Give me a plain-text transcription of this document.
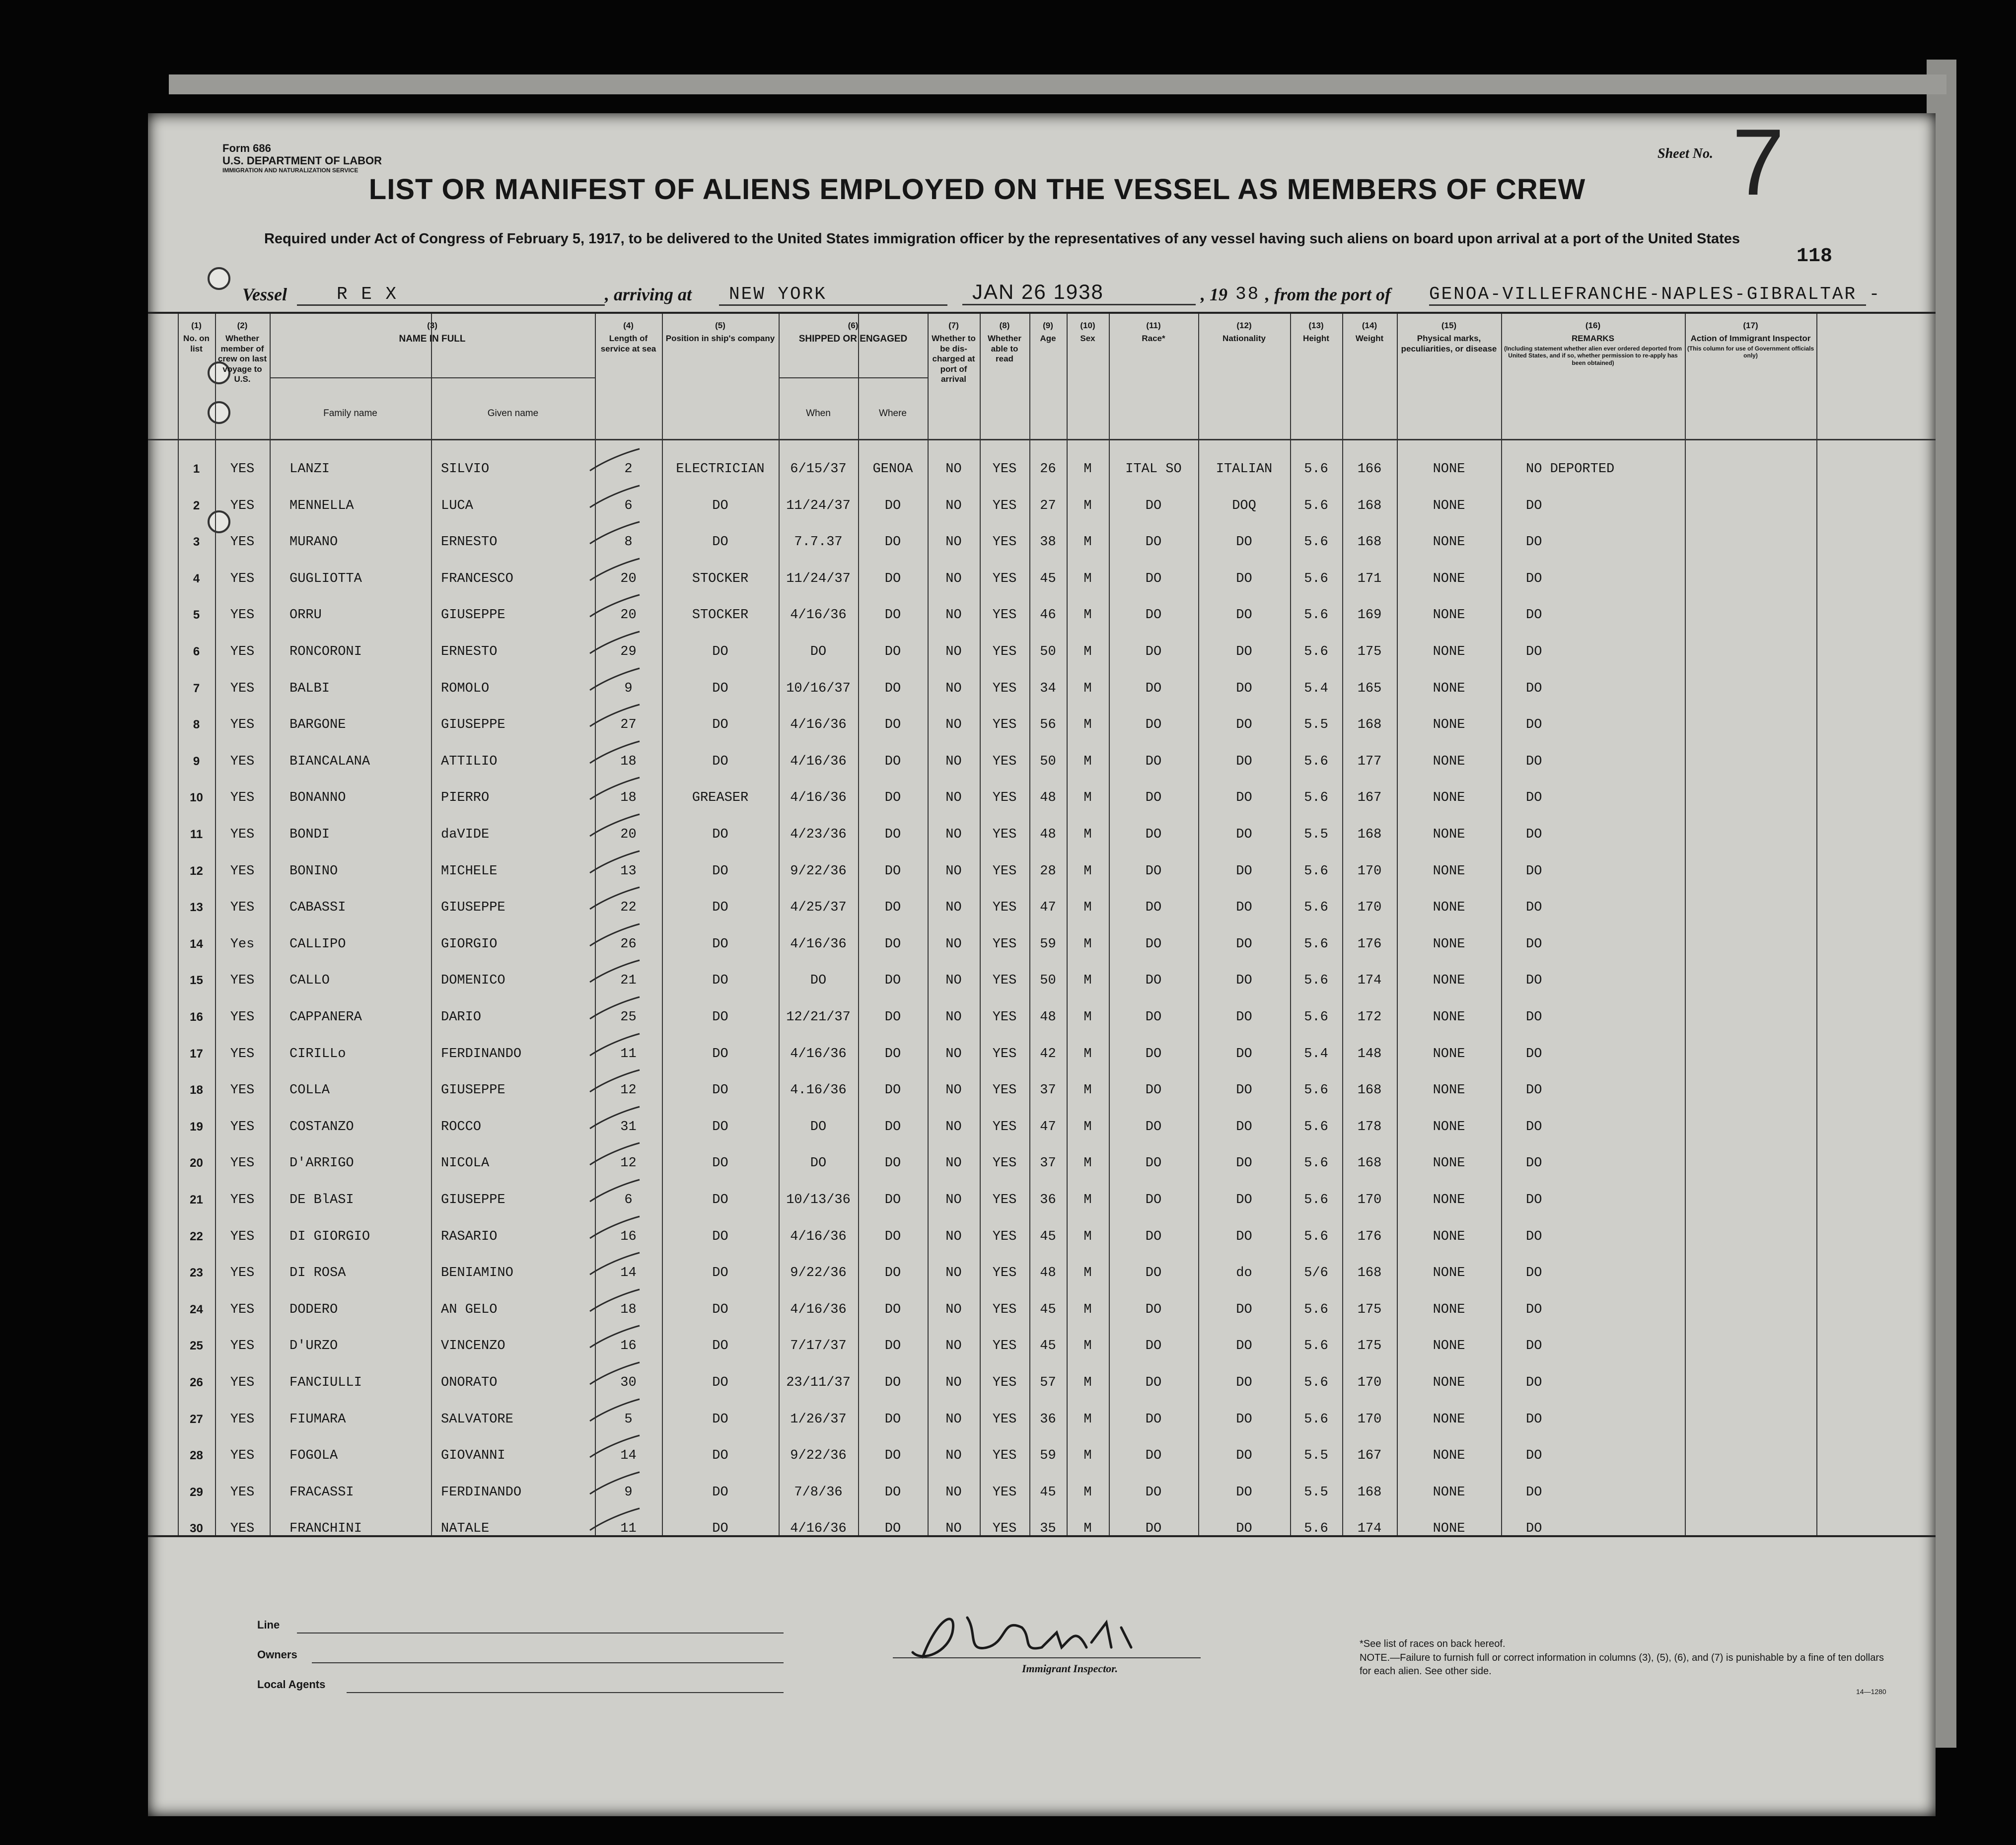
Form 686
U.S. DEPARTMENT OF LABOR
IMMIGRATION AND NATURALIZATION SERVICE
Sheet No. 7
LIST OR MANIFEST OF ALIENS EMPLOYED ON THE VESSEL AS MEMBERS OF CREW
Required under Act of Congress of February 5, 1917, to be delivered to the United States immigration officer by the representatives of any vessel having such aliens on board upon arrival at a port of the United States
118
Vessel	R E X	, arriving at	NEW YORK	JAN 26 1938	, 19 38 , from the port of GENOA-VILLEFRANCHE-NAPLES-GIBRALTAR -
(1)
No. on list
(2)
Whether member of crew on last voyage to U.S.
(3)
NAME IN FULL
Family name	Given name
(4)
Length of service at sea
(5)
Position in ship's company
(6)
SHIPPED OR ENGAGED
When	Where
(7)
Whether to be dis-charged at port of arrival
(8)
Whether able to read
(9)
Age
(10)
Sex
(11)
Race*
(12)
Nationality
(13)
Height
(14)
Weight
(15)
Physical marks, peculiarities, or disease
(16)
REMARKS
(Including statement whether alien ever ordered deported from United States, and if so, whether permission to re-apply has been obtained)
(17)
Action of Immigrant Inspector
(This column for use of Government officials only)
1	YES	LANZI	SILVIO	2	ELECTRICIAN	6/15/37	GENOA	NO	YES	26	M	ITAL SO	ITALIAN	5.6	166	NONE	NO DEPORTED
2	YES	MENNELLA	LUCA	6	DO	11/24/37	DO	NO	YES	27	M	DO	DOQ	5.6	168	NONE	DO
3	YES	MURANO	ERNESTO	8	DO	7.7.37	DO	NO	YES	38	M	DO	DO	5.6	168	NONE	DO
4	YES	GUGLIOTTA	FRANCESCO	20	STOCKER	11/24/37	DO	NO	YES	45	M	DO	DO	5.6	171	NONE	DO
5	YES	ORRU	GIUSEPPE	20	STOCKER	4/16/36	DO	NO	YES	46	M	DO	DO	5.6	169	NONE	DO
6	YES	RONCORONI	ERNESTO	29	DO	DO	DO	NO	YES	50	M	DO	DO	5.6	175	NONE	DO
7	YES	BALBI	ROMOLO	9	DO	10/16/37	DO	NO	YES	34	M	DO	DO	5.4	165	NONE	DO
8	YES	BARGONE	GIUSEPPE	27	DO	4/16/36	DO	NO	YES	56	M	DO	DO	5.5	168	NONE	DO
9	YES	BIANCALANA	ATTILIO	18	DO	4/16/36	DO	NO	YES	50	M	DO	DO	5.6	177	NONE	DO
10	YES	BONANNO	PIERRO	18	GREASER	4/16/36	DO	NO	YES	48	M	DO	DO	5.6	167	NONE	DO
11	YES	BONDI	daVIDE	20	DO	4/23/36	DO	NO	YES	48	M	DO	DO	5.5	168	NONE	DO
12	YES	BONINO	MICHELE	13	DO	9/22/36	DO	NO	YES	28	M	DO	DO	5.6	170	NONE	DO
13	YES	CABASSI	GIUSEPPE	22	DO	4/25/37	DO	NO	YES	47	M	DO	DO	5.6	170	NONE	DO
14	Yes	CALLIPO	GIORGIO	26	DO	4/16/36	DO	NO	YES	59	M	DO	DO	5.6	176	NONE	DO
15	YES	CALLO	DOMENICO	21	DO	DO	DO	NO	YES	50	M	DO	DO	5.6	174	NONE	DO
16	YES	CAPPANERA	DARIO	25	DO	12/21/37	DO	NO	YES	48	M	DO	DO	5.6	172	NONE	DO
17	YES	CIRILLo	FERDINANDO	11	DO	4/16/36	DO	NO	YES	42	M	DO	DO	5.4	148	NONE	DO
18	YES	COLLA	GIUSEPPE	12	DO	4.16/36	DO	NO	YES	37	M	DO	DO	5.6	168	NONE	DO
19	YES	COSTANZO	ROCCO	31	DO	DO	DO	NO	YES	47	M	DO	DO	5.6	178	NONE	DO
20	YES	D'ARRIGO	NICOLA	12	DO	DO	DO	NO	YES	37	M	DO	DO	5.6	168	NONE	DO
21	YES	DE BlASI	GIUSEPPE	6	DO	10/13/36	DO	NO	YES	36	M	DO	DO	5.6	170	NONE	DO
22	YES	DI GIORGIO	RASARIO	16	DO	4/16/36	DO	NO	YES	45	M	DO	DO	5.6	176	NONE	DO
23	YES	DI ROSA	BENIAMINO	14	DO	9/22/36	DO	NO	YES	48	M	DO	do	5/6	168	NONE	DO
24	YES	DODERO	AN GELO	18	DO	4/16/36	DO	NO	YES	45	M	DO	DO	5.6	175	NONE	DO
25	YES	D'URZO	VINCENZO	16	DO	7/17/37	DO	NO	YES	45	M	DO	DO	5.6	175	NONE	DO
26	YES	FANCIULLI	ONORATO	30	DO	23/11/37	DO	NO	YES	57	M	DO	DO	5.6	170	NONE	DO
27	YES	FIUMARA	SALVATORE	5	DO	1/26/37	DO	NO	YES	36	M	DO	DO	5.6	170	NONE	DO
28	YES	FOGOLA	GIOVANNI	14	DO	9/22/36	DO	NO	YES	59	M	DO	DO	5.5	167	NONE	DO
29	YES	FRACASSI	FERDINANDO	9	DO	7/8/36	DO	NO	YES	45	M	DO	DO	5.5	168	NONE	DO
30	YES	FRANCHINI	NATALE	11	DO	4/16/36	DO	NO	YES	35	M	DO	DO	5.6	174	NONE	DO
Line
Owners
Local Agents
Immigrant Inspector.
*See list of races on back hereof.
NOTE.—Failure to furnish full or correct information in columns (3), (5), (6), and (7) is punishable by a fine of ten dollars for each alien. See other side.
14—1280
